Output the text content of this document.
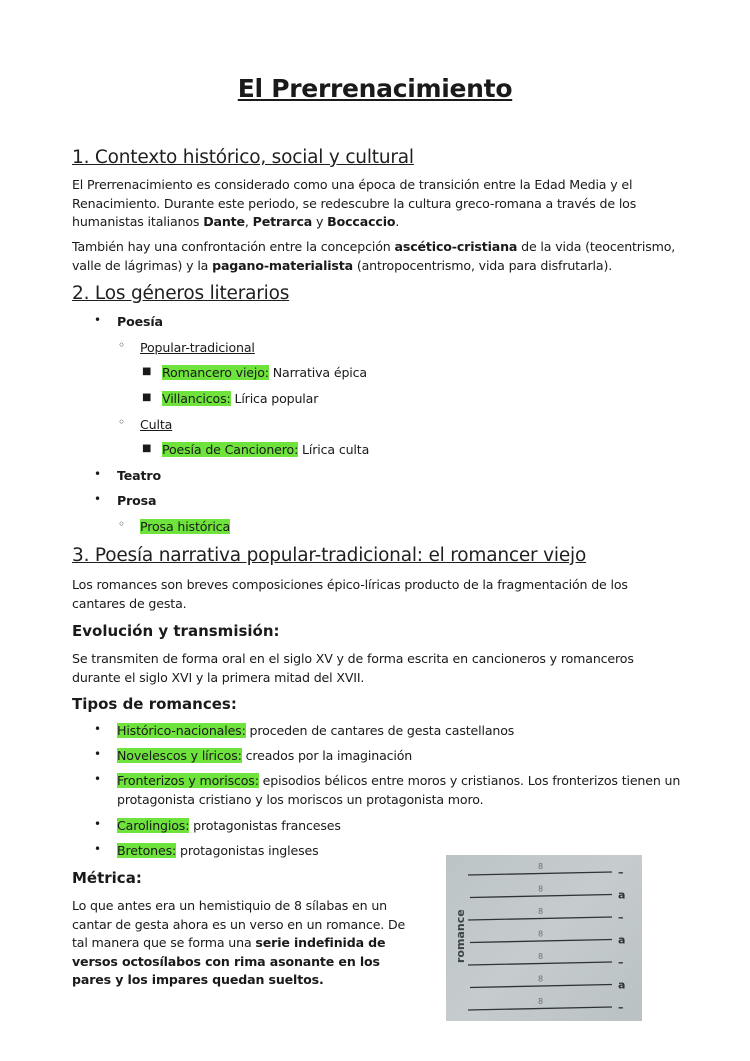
El Prerrenacimiento
1. Contexto histórico, social y cultural
El Prerrenacimiento es considerado como una época de transición entre la Edad Media y el Renacimiento. Durante este periodo, se redescubre la cultura greco-romana a través de los humanistas italianos Dante, Petrarca y Boccaccio.
También hay una confrontación entre la concepción ascético-cristiana de la vida (teocentrismo, valle de lágrimas) y la pagano-materialista (antropocentrismo, vida para disfrutarla).
2. Los géneros literarios
• Poesía
◦ Popular-tradicional
■ Romancero viejo: Narrativa épica
■ Villancicos: Lírica popular
◦ Culta
■ Poesía de Cancionero: Lírica culta
• Teatro
• Prosa
◦ Prosa histórica
3. Poesía narrativa popular-tradicional: el romancer viejo
Los romances son breves composiciones épico-líricas producto de la fragmentación de los cantares de gesta.
Evolución y transmisión:
Se transmiten de forma oral en el siglo XV y de forma escrita en cancioneros y romanceros durante el siglo XVI y la primera mitad del XVII.
Tipos de romances:
• Histórico-nacionales: proceden de cantares de gesta castellanos
• Novelescos y líricos: creados por la imaginación
• Fronterizos y moriscos: episodios bélicos entre moros y cristianos. Los fronterizos tienen un
protagonista cristiano y los moriscos un protagonista moro.
• Carolingios: protagonistas franceses
• Bretones: protagonistas ingleses
Métrica:
Lo que antes era un hemistiquio de 8 sílabas en un cantar de gesta ahora es un verso en un romance. De tal manera que se forma una serie indefinida de versos octosílabos con rima asonante en los pares y los impares quedan sueltos.
romance
8	–
8	a
8	–
8	a
8	–
8	a
8	–
